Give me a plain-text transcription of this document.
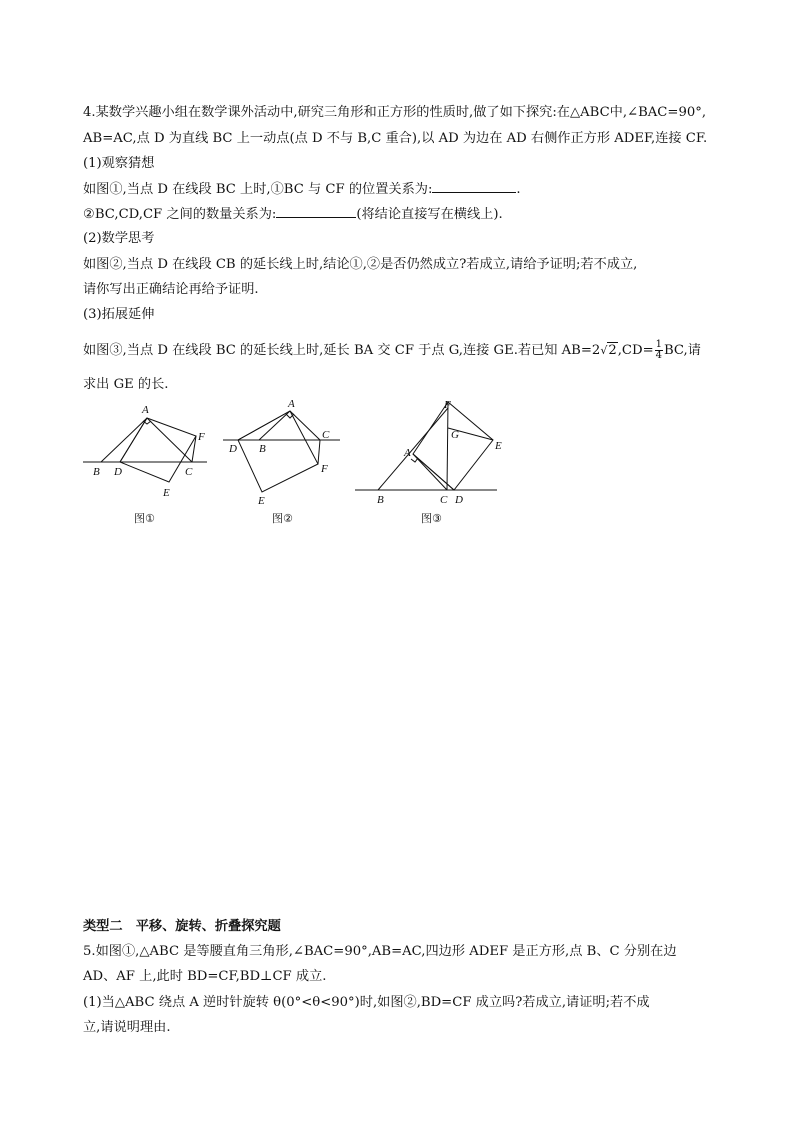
4.某数学兴趣小组在数学课外活动中,研究三角形和正方形的性质时,做了如下探究:在△ABC中,∠BAC=90°,
AB=AC,点 D 为直线 BC 上一动点(点 D 不与 B,C 重合),以 AD 为边在 AD 右侧作正方形 ADEF,连接 CF.
(1)观察猜想
如图①,当点 D 在线段 BC 上时,①BC 与 CF 的位置关系为:	.
②BC,CD,CF 之间的数量关系为:	(将结论直接写在横线上).
(2)数学思考
如图②,当点 D 在线段 CB 的延长线上时,结论①,②是否仍然成立?若成立,请给予证明;若不成立,
请你写出正确结论再给予证明.
(3)拓展延伸
如图③,当点 D 在线段 BC 的延长线上时,延长 BA 交 CF 于点 G,连接 GE.若已知 $AB=2√2,CD= \frac{1}{4}$ BC,请
求出 GE 的长.
A
B D	C
F
E
图①
A
D B
C
F
E
图②
F
G
A
E
B	C D
图③
类型二　平移、旋转、折叠探究题
5.如图①,△ABC 是等腰直角三角形,∠BAC=90°,AB=AC,四边形 ADEF 是正方形,点 B、C 分别在边
AD、AF 上,此时 BD=CF,BD⊥CF 成立.
(1)当△ABC 绕点 A 逆时针旋转 θ(0°<θ<90°)时,如图②,BD=CF 成立吗?若成立,请证明;若不成
立,请说明理由.
